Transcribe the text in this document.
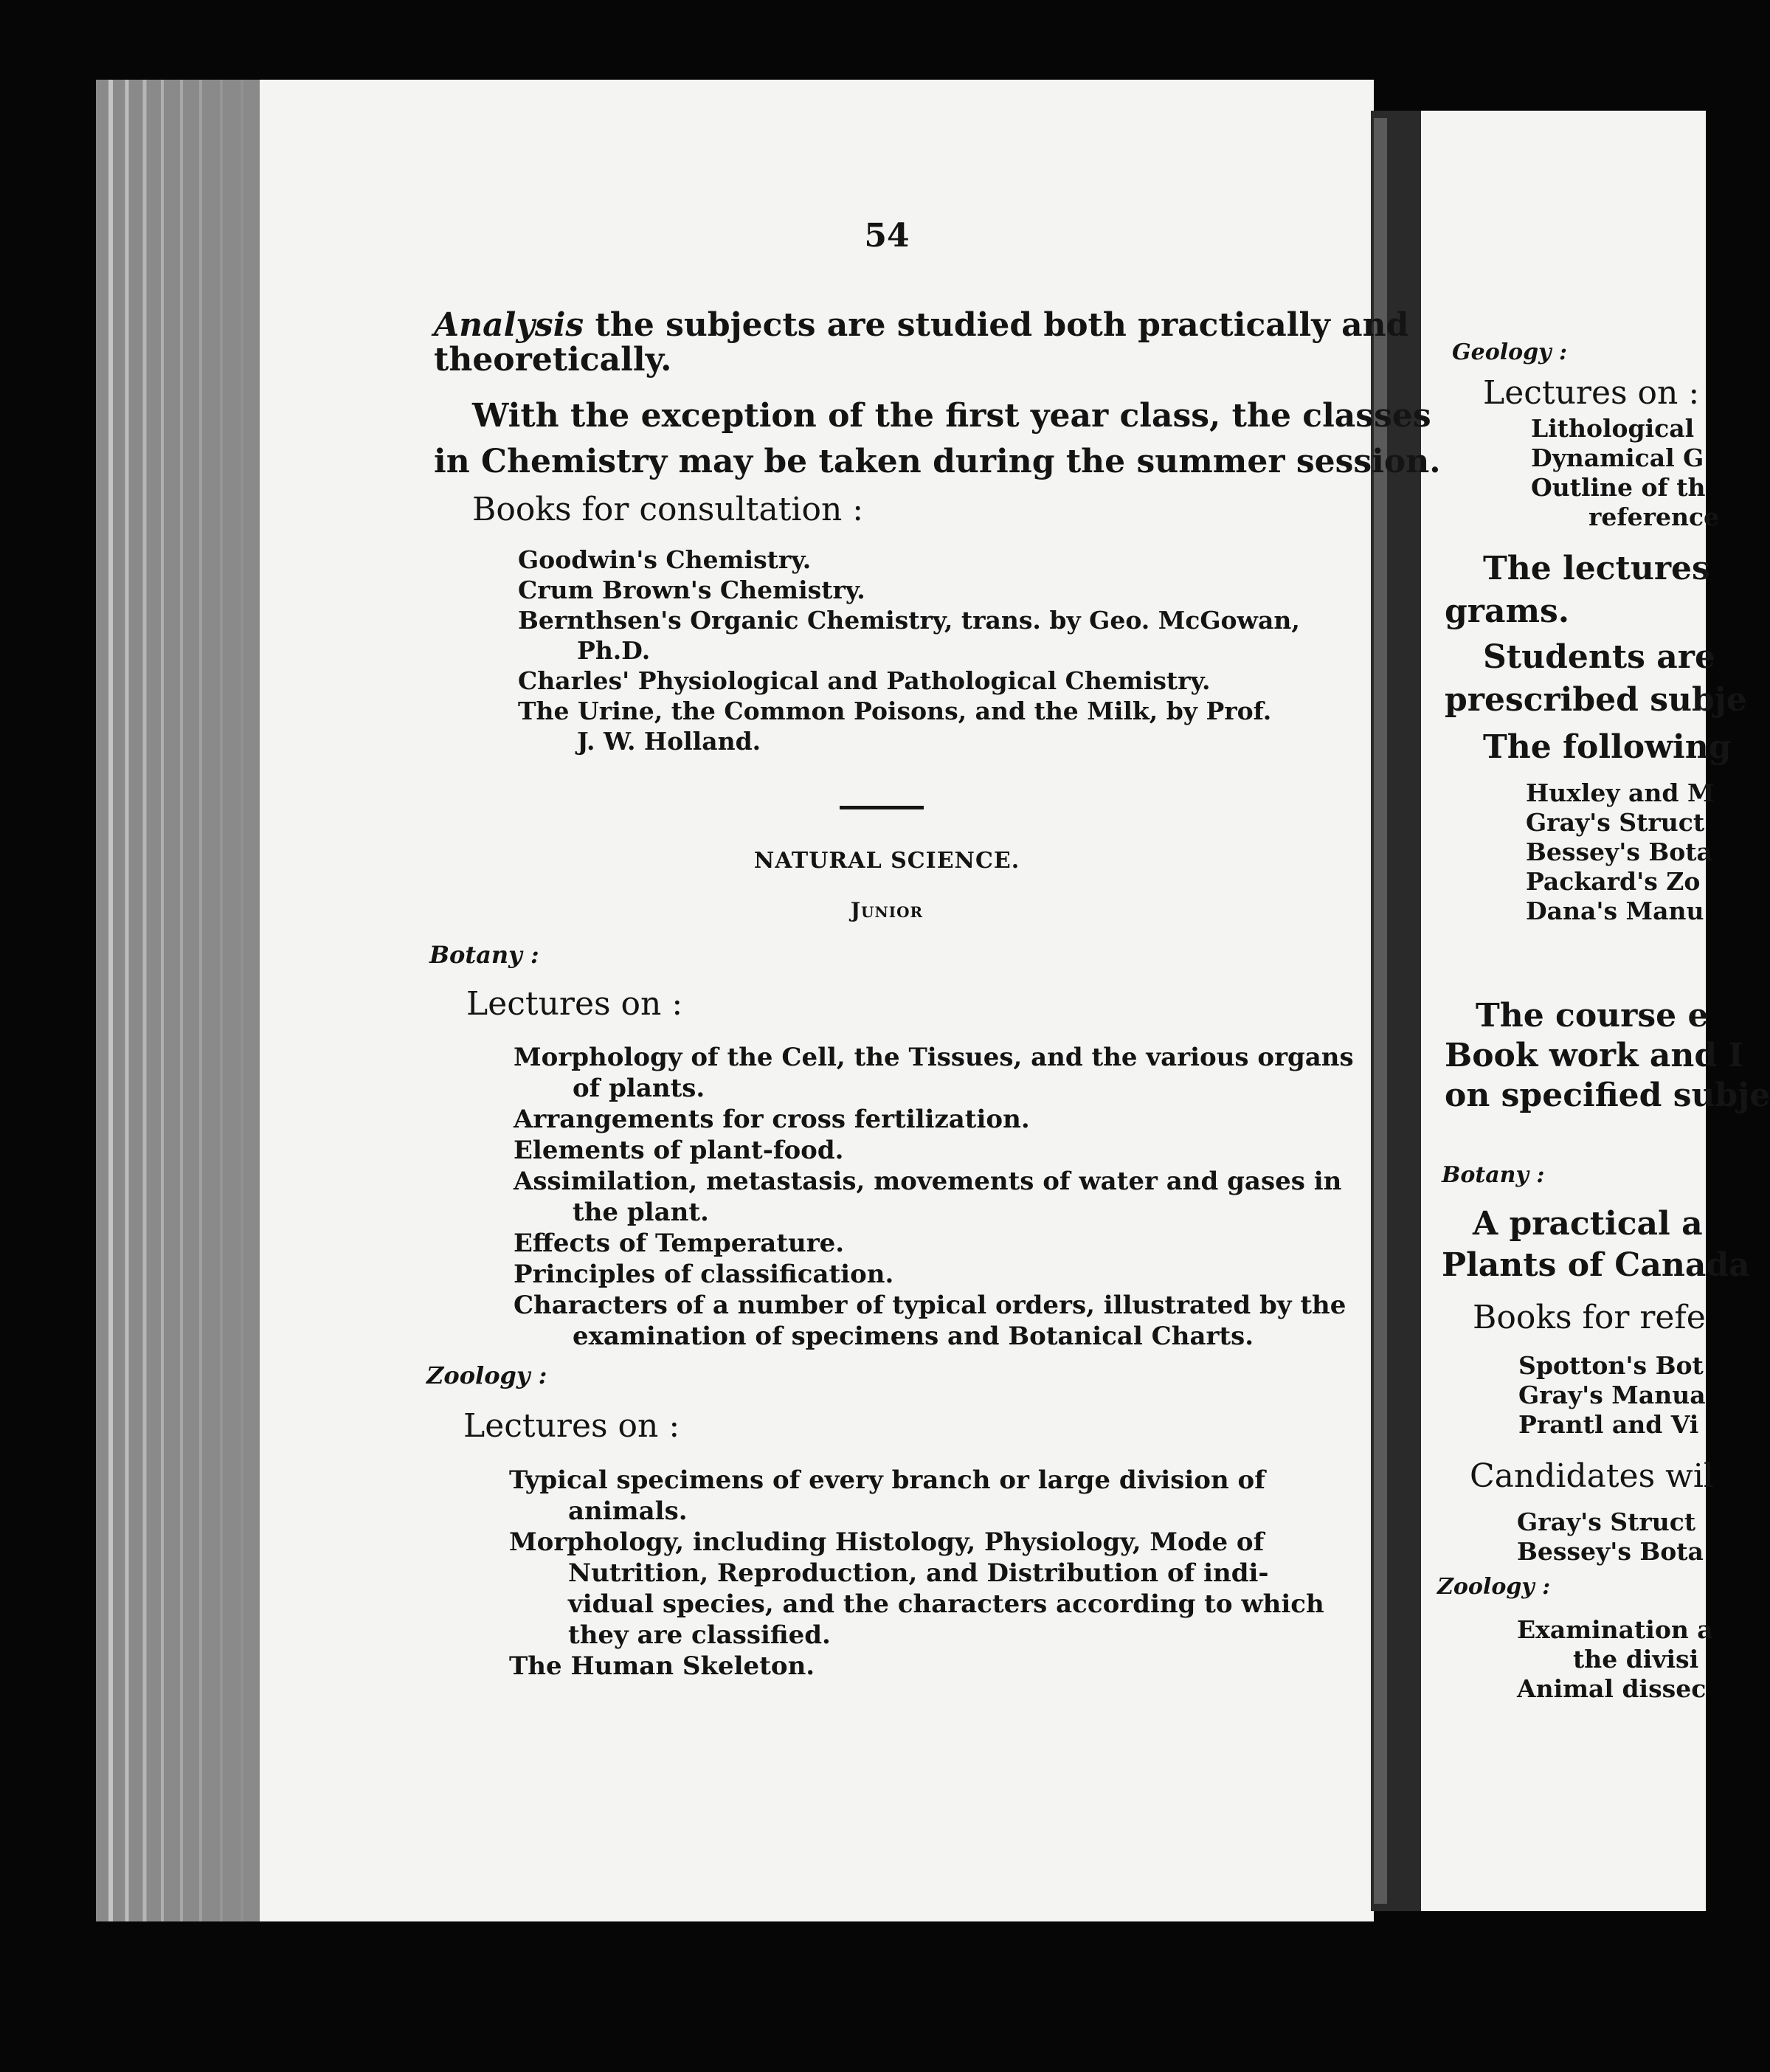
54
Analysis the subjects are studied both practically and
theoretically.
With the exception of the first year class, the classes
in Chemistry may be taken during the summer session.
Books for consultation :
Goodwin's Chemistry.
Crum Brown's Chemistry.
Bernthsen's Organic Chemistry, trans. by Geo. McGowan,
Ph.D.
Charles' Physiological and Pathological Chemistry.
The Urine, the Common Poisons, and the Milk, by Prof.
J. W. Holland.
NATURAL SCIENCE.
Junior
Botany :
Lectures on :
Morphology of the Cell, the Tissues, and the various organs
of plants.
Arrangements for cross fertilization.
Elements of plant-food.
Assimilation, metastasis, movements of water and gases in
the plant.
Effects of Temperature.
Principles of classification.
Characters of a number of typical orders, illustrated by the
examination of specimens and Botanical Charts.
Zoology :
Lectures on :
Typical specimens of every branch or large division of
animals.
Morphology, including Histology, Physiology, Mode of
Nutrition, Reproduction, and Distribution of indi-
vidual species, and the characters according to which
they are classified.
The Human Skeleton.
Geology :
Lectures on :
Lithological
Dynamical G
Outline of th
reference
The lectures
grams.
Students are
prescribed subje
The following
Huxley and M
Gray's Struct
Bessey's Bota
Packard's Zo
Dana's Manu
The course e
Book work and I
on specified subje
Botany :
A practical a
Plants of Canada
Books for refe
Spotton's Bot
Gray's Manua
Prantl and Vi
Candidates wil
Gray's Struct
Bessey's Bota
Zoology :
Examination a
the divisi
Animal dissec
